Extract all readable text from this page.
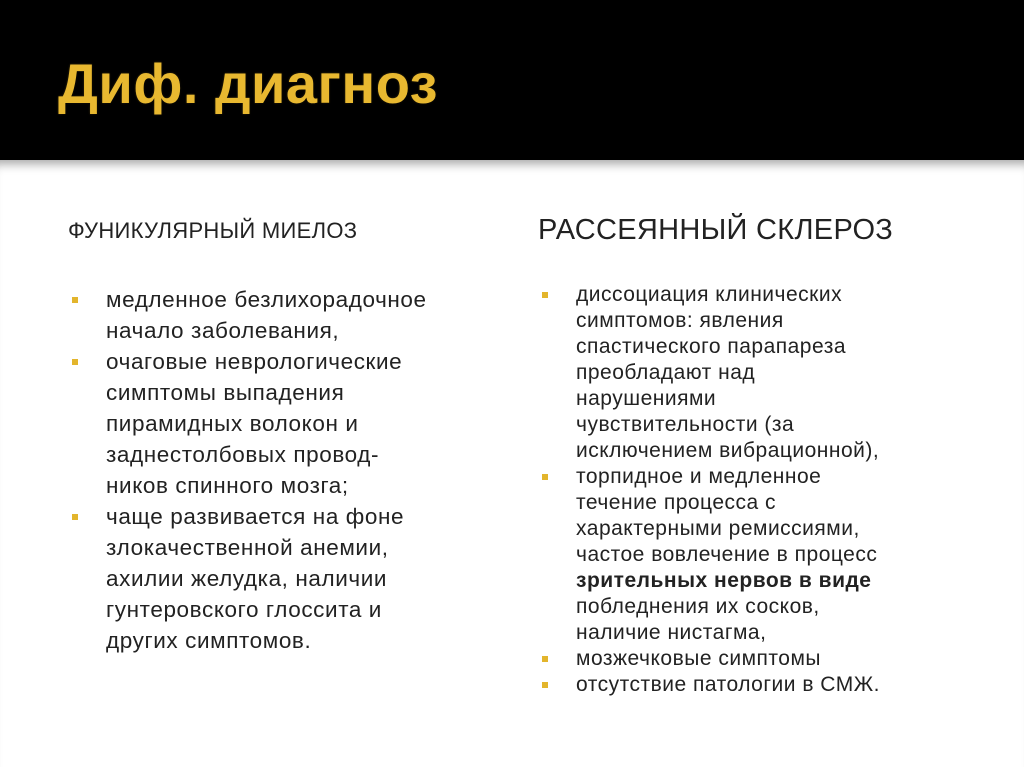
Диф. диагноз
ФУНИКУЛЯРНЫЙ МИЕЛОЗ
медленное безлихорадочное
начало заболевания,
очаговые неврологические
симптомы выпадения
пирамидных волокон и
заднестолбовых провод-
ников спинного мозга;
чаще развивается на фоне
злокачественной анемии,
ахилии желудка, наличии
гунтеровского глоссита и
других симптомов.
РАССЕЯННЫЙ СКЛЕРОЗ
диссоциация клинических
симптомов: явления
спастического парапареза
преобладают над
нарушениями
чувствительности (за
исключением вибрационной),
торпидное и медленное
течение процесса с
характерными ремиссиями,
частое вовлечение в процесс
зрительных нервов в виде
побледнения их сосков,
наличие нистагма,
мозжечковые симптомы
отсутствие патологии в СМЖ.
